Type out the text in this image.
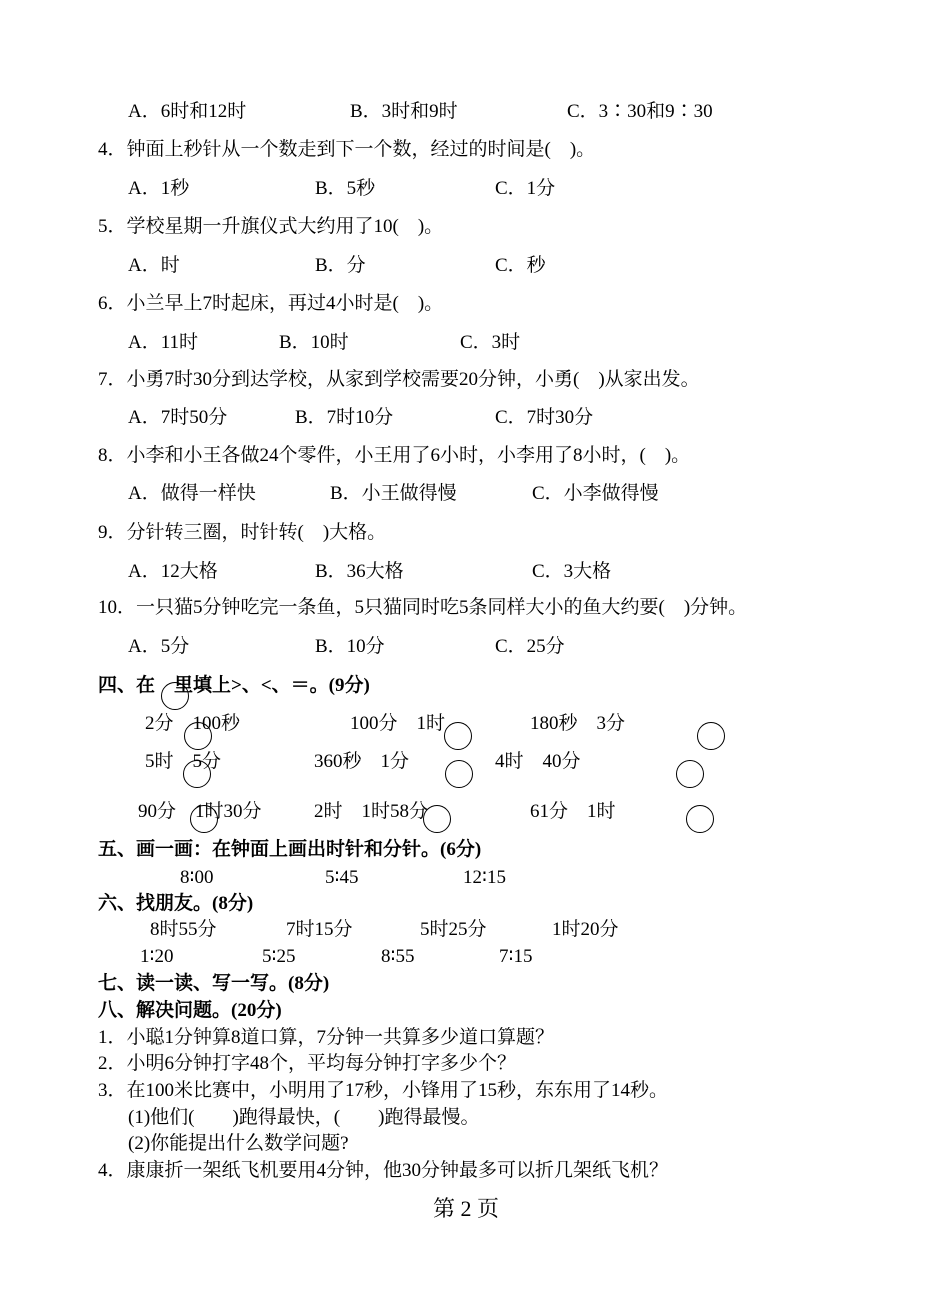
A．6时和12时	B．3时和9时	C．3∶30和9∶30
4．钟面上秒针从一个数走到下一个数，经过的时间是(　)。
A．1秒	B．5秒	C．1分
5．学校星期一升旗仪式大约用了10(　)。
A．时	B．分	C．秒
6．小兰早上7时起床，再过4小时是(　)。
A．11时	B．10时	C．3时
7．小勇7时30分到达学校，从家到学校需要20分钟，小勇(　)从家出发。
A．7时50分	B．7时10分	C．7时30分
8．小李和小王各做24个零件，小王用了6小时，小李用了8小时，(　)。
A．做得一样快	B．小王做得慢	C．小李做得慢
9．分针转三圈，时针转(　)大格。
A．12大格	B．36大格	C．3大格
10．一只猫5分钟吃完一条鱼，5只猫同时吃5条同样大小的鱼大约要(　)分钟。
A．5分	B．10分	C．25分
四、在　里填上>、<、＝。(9分)
2分　100秒	100分　1时	180秒　3分
5时　5分	360秒　1分	4时　40分
90分　1时30分	2时　1时58分	61分　1时
五、画一画：在钟面上画出时针和分针。(6分)
8∶00	5∶45	12∶15
六、找朋友。(8分)
8时55分	7时15分	5时25分	1时20分
1∶20	5∶25	8∶55	7∶15
七、读一读、写一写。(8分)
八、解决问题。(20分)
1．小聪1分钟算8道口算，7分钟一共算多少道口算题？
2．小明6分钟打字48个，平均每分钟打字多少个？
3．在100米比赛中，小明用了17秒，小锋用了15秒，东东用了14秒。
(1)他们(　　)跑得最快，(　　)跑得最慢。
(2)你能提出什么数学问题?
4．康康折一架纸飞机要用4分钟，他30分钟最多可以折几架纸飞机？
第 2 页
